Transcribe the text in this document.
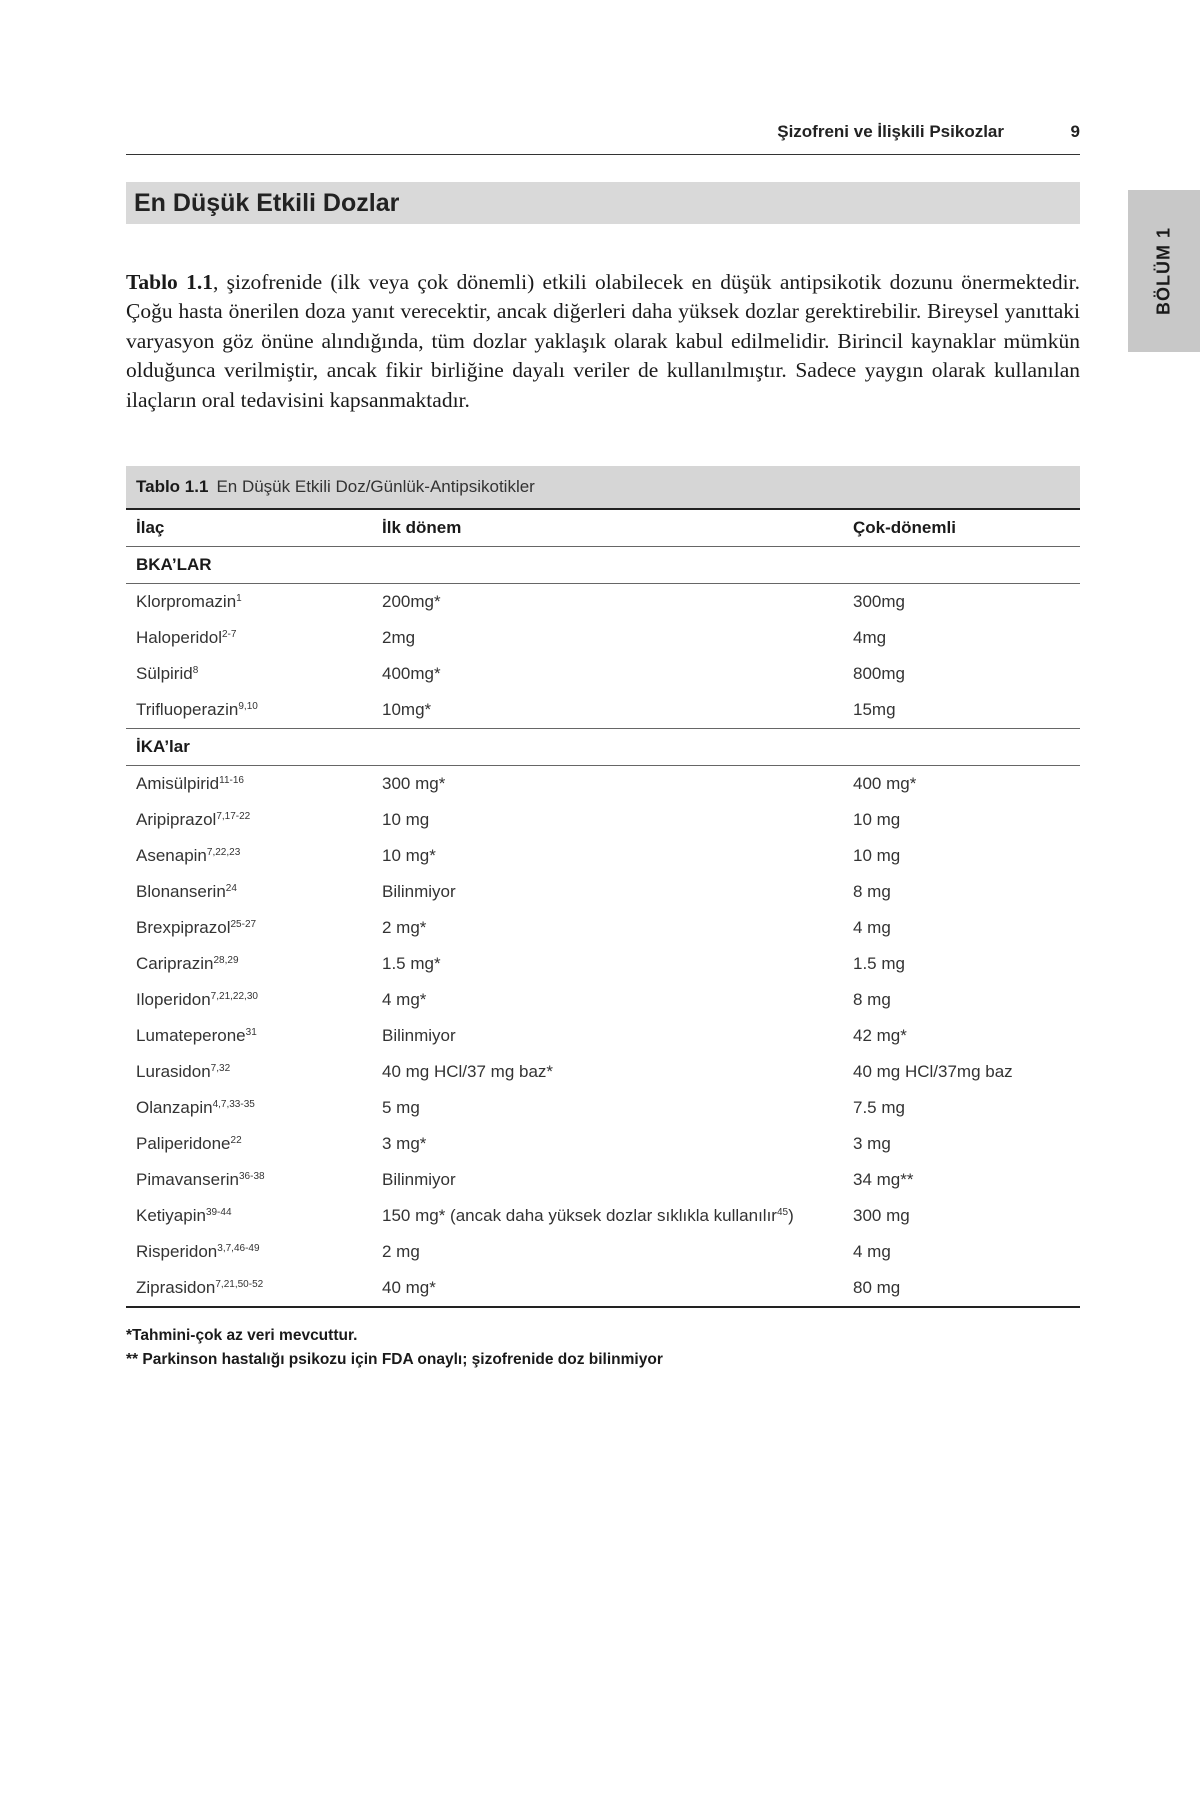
Şizofreni ve İlişkili Psikozlar	9
BÖLÜM 1
En Düşük Etkili Dozlar

Tablo 1.1, şizofrenide (ilk veya çok dönemli) etkili olabilecek en düşük antipsikotik dozunu önermektedir. Çoğu hasta önerilen doza yanıt verecektir, ancak diğerleri daha yüksek dozlar gerektirebilir. Bireysel yanıttaki varyasyon göz önüne alındığında, tüm dozlar yaklaşık olarak kabul edilmelidir. Birincil kaynaklar mümkün olduğunca verilmiştir, ancak fikir birliğine dayalı veriler de kullanılmıştır. Sadece yaygın olarak kullanılan ilaçların oral tedavisini kapsanmaktadır.

Tablo 1.1 En Düşük Etkili Doz/Günlük-Antipsikotikler
İlaç	İlk dönem	Çok-dönemli
BKA’LAR		
Klorpromazin$^1$	200mg*	300mg
Haloperidol$^{2-7}$	2mg	4mg
Sülpirid$^8$	400mg*	800mg
Trifluoperazin$^{9,10}$	10mg*	15mg
İKA’lar		
Amisülpirid$^{11-16}$	300 mg*	400 mg*
Aripiprazol$^{7,17-22}$	10 mg	10 mg
Asenapin$^{7,22,23}$	10 mg*	10 mg
Blonanserin$^{24}$	Bilinmiyor	8 mg
Brexpiprazol$^{25-27}$	2 mg*	4 mg
Cariprazin$^{28,29}$	1.5 mg*	1.5 mg
Iloperidon$^{7,21,22,30}$	4 mg*	8 mg
Lumateperone$^{31}$	Bilinmiyor	42 mg*
Lurasidon$^{7,32}$	40 mg HCl/37 mg baz*	40 mg HCl/37mg baz
Olanzapin$^{4,7,33-35}$	5 mg	7.5 mg
Paliperidone$^{22}$	3 mg*	3 mg
Pimavanserin$^{36-38}$	Bilinmiyor	34 mg**
Ketiyapin$^{39-44}$	150 mg* (ancak daha yüksek dozlar sıklıkla kullanılır$^{45}$)	300 mg
Risperidon$^{3,7,46-49}$	2 mg	4 mg
Ziprasidon$^{7,21,50-52}$	40 mg*	80 mg
*Tahmini-çok az veri mevcuttur.
** Parkinson hastalığı psikozu için FDA onaylı; şizofrenide doz bilinmiyor
